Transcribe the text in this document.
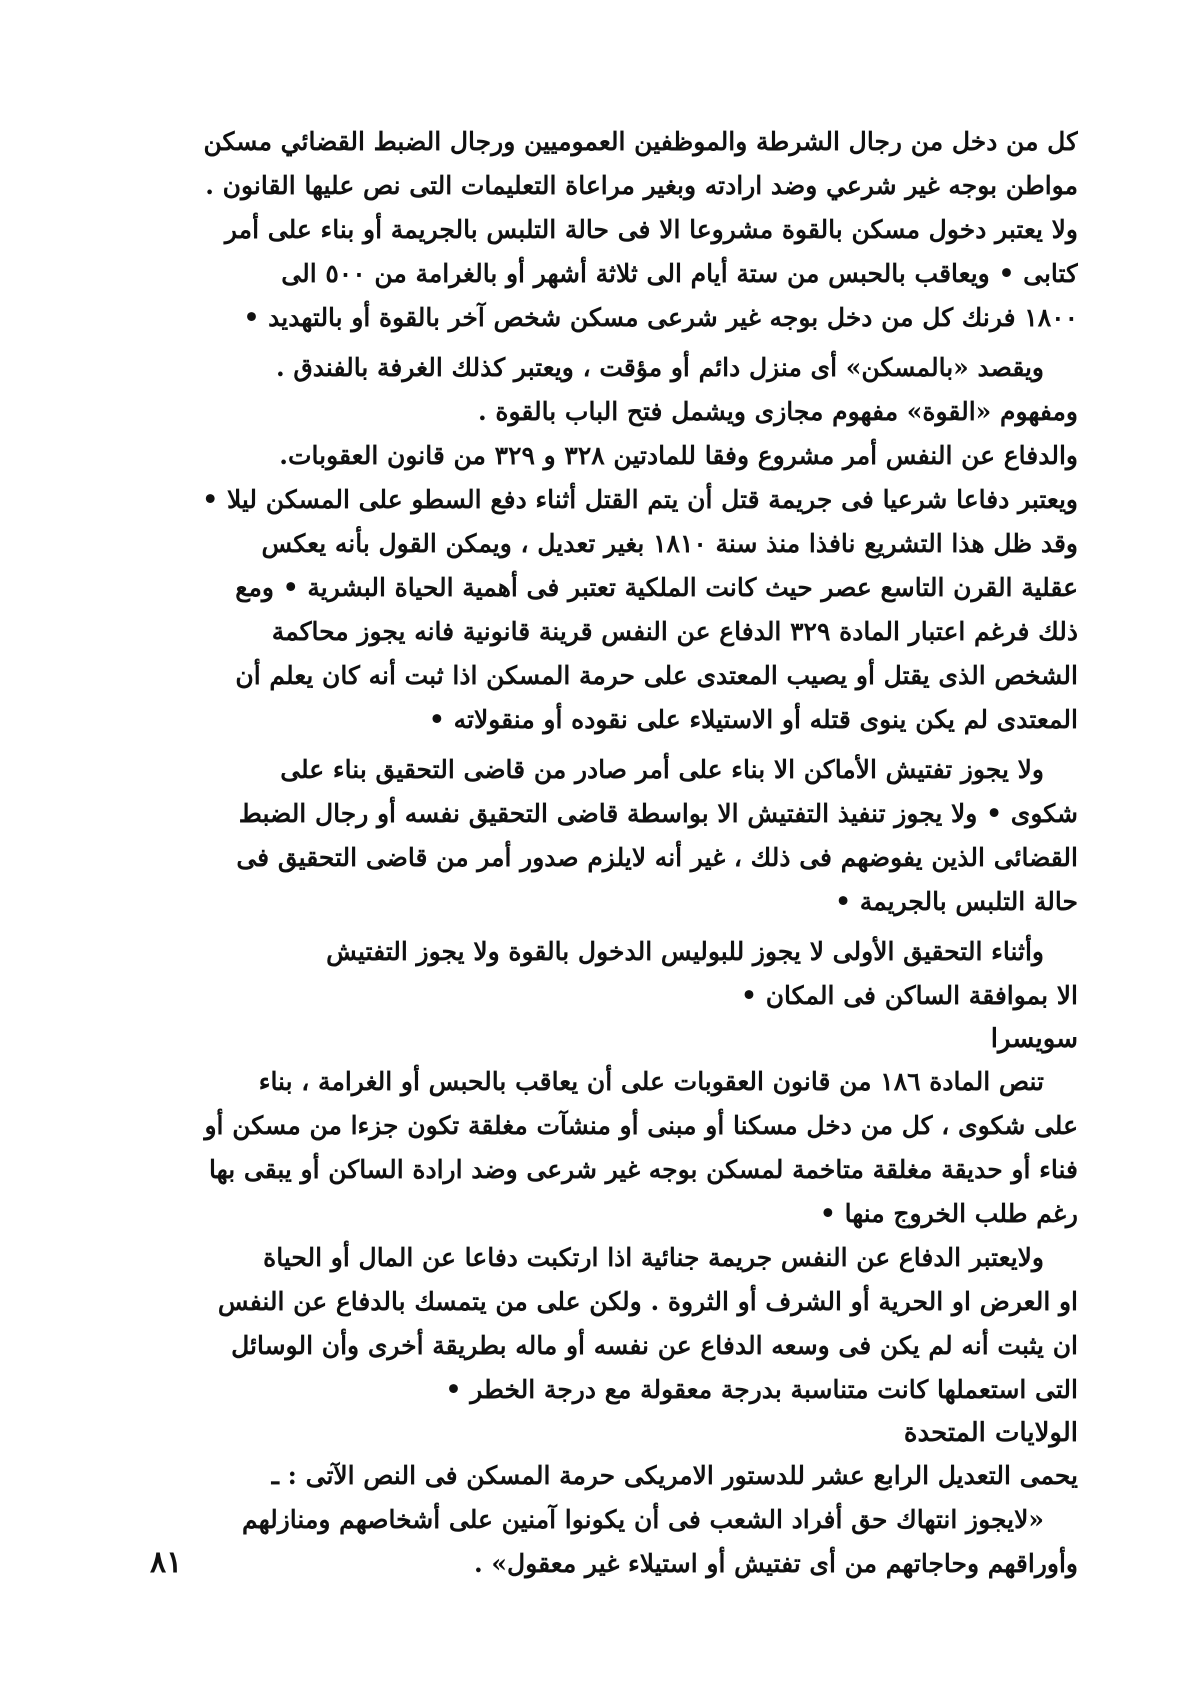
كل من دخل من رجال الشرطة والموظفين العموميين ورجال الضبط القضائي مسكن
مواطن بوجه غير شرعي وضد ارادته وبغير مراعاة التعليمات التى نص عليها القانون .
ولا يعتبر دخول مسكن بالقوة مشروعا الا فى حالة التلبس بالجريمة أو بناء على أمر
كتابى • ويعاقب بالحبس من ستة أيام الى ثلاثة أشهر أو بالغرامة من ٥٠٠ الى
١٨٠٠ فرنك كل من دخل بوجه غير شرعى مسكن شخص آخر بالقوة أو بالتهديد •
ويقصد «بالمسكن» أى منزل دائم أو مؤقت ، ويعتبر كذلك الغرفة بالفندق .
ومفهوم «القوة» مفهوم مجازى ويشمل فتح الباب بالقوة .
والدفاع عن النفس أمر مشروع وفقا للمادتين ٣٢٨ و ٣٢٩ من قانون العقوبات.
ويعتبر دفاعا شرعيا فى جريمة قتل أن يتم القتل أثناء دفع السطو على المسكن ليلا •
وقد ظل هذا التشريع نافذا منذ سنة ١٨١٠ بغير تعديل ، ويمكن القول بأنه يعكس
عقلية القرن التاسع عصر حيث كانت الملكية تعتبر فى أهمية الحياة البشرية • ومع
ذلك فرغم اعتبار المادة ٣٢٩ الدفاع عن النفس قرينة قانونية فانه يجوز محاكمة
الشخص الذى يقتل أو يصيب المعتدى على حرمة المسكن اذا ثبت أنه كان يعلم أن
المعتدى لم يكن ينوى قتله أو الاستيلاء على نقوده أو منقولاته •
ولا يجوز تفتيش الأماكن الا بناء على أمر صادر من قاضى التحقيق بناء على
شكوى • ولا يجوز تنفيذ التفتيش الا بواسطة قاضى التحقيق نفسه أو رجال الضبط
القضائى الذين يفوضهم فى ذلك ، غير أنه لايلزم صدور أمر من قاضى التحقيق فى
حالة التلبس بالجريمة •
وأثناء التحقيق الأولى لا يجوز للبوليس الدخول بالقوة ولا يجوز التفتيش
الا بموافقة الساكن فى المكان •
سويسرا
تنص المادة ١٨٦ من قانون العقوبات على أن يعاقب بالحبس أو الغرامة ، بناء
على شكوى ، كل من دخل مسكنا أو مبنى أو منشآت مغلقة تكون جزءا من مسكن أو
فناء أو حديقة مغلقة متاخمة لمسكن بوجه غير شرعى وضد ارادة الساكن أو يبقى بها
رغم طلب الخروج منها •
ولايعتبر الدفاع عن النفس جريمة جنائية اذا ارتكبت دفاعا عن المال أو الحياة
او العرض او الحرية أو الشرف أو الثروة . ولكن على من يتمسك بالدفاع عن النفس
ان يثبت أنه لم يكن فى وسعه الدفاع عن نفسه أو ماله بطريقة أخرى وأن الوسائل
التى استعملها كانت متناسبة بدرجة معقولة مع درجة الخطر •
الولايات المتحدة
يحمى التعديل الرابع عشر للدستور الامريكى حرمة المسكن فى النص الآتى : ـ
«لايجوز انتهاك حق أفراد الشعب فى أن يكونوا آمنين على أشخاصهم ومنازلهم
وأوراقهم وحاجاتهم من أى تفتيش أو استيلاء غير معقول» .
٨١
